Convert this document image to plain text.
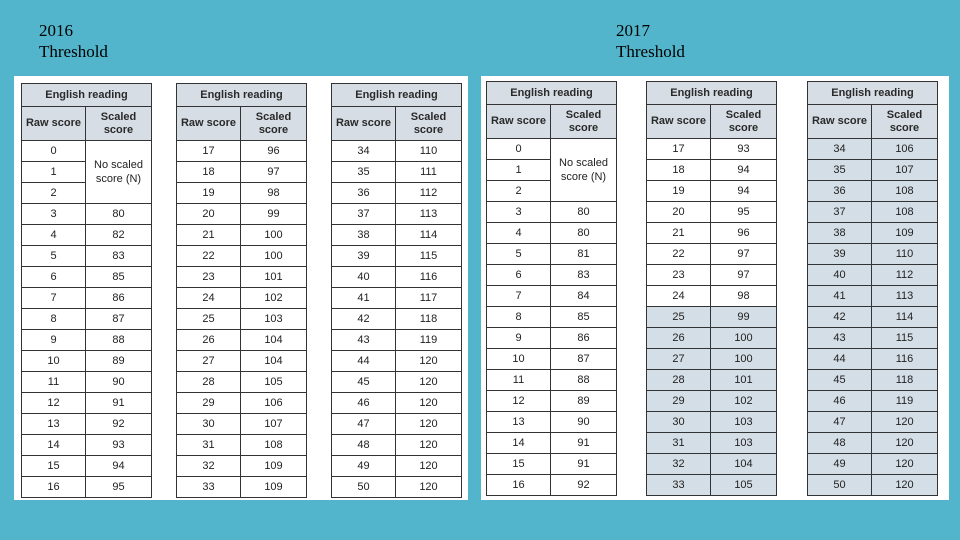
2016
Threshold
2017
Threshold
English reading	
Raw score	Scaled score
0	No scaled score (N)
1	
2	
3	80
4	82
5	83
6	85
7	86
8	87
9	88
10	89
11	90
12	91
13	92
14	93
15	94
16	95
English reading	
Raw score	Scaled score
17	96
18	97
19	98
20	99
21	100
22	100
23	101
24	102
25	103
26	104
27	104
28	105
29	106
30	107
31	108
32	109
33	109
English reading	
Raw score	Scaled score
34	110
35	111
36	112
37	113
38	114
39	115
40	116
41	117
42	118
43	119
44	120
45	120
46	120
47	120
48	120
49	120
50	120
English reading	
Raw score	Scaled score
0	No scaled score (N)
1	
2	
3	80
4	80
5	81
6	83
7	84
8	85
9	86
10	87
11	88
12	89
13	90
14	91
15	91
16	92
English reading	
Raw score	Scaled score
17	93
18	94
19	94
20	95
21	96
22	97
23	97
24	98
25	99
26	100
27	100
28	101
29	102
30	103
31	103
32	104
33	105
English reading	
Raw score	Scaled score
34	106
35	107
36	108
37	108
38	109
39	110
40	112
41	113
42	114
43	115
44	116
45	118
46	119
47	120
48	120
49	120
50	120
